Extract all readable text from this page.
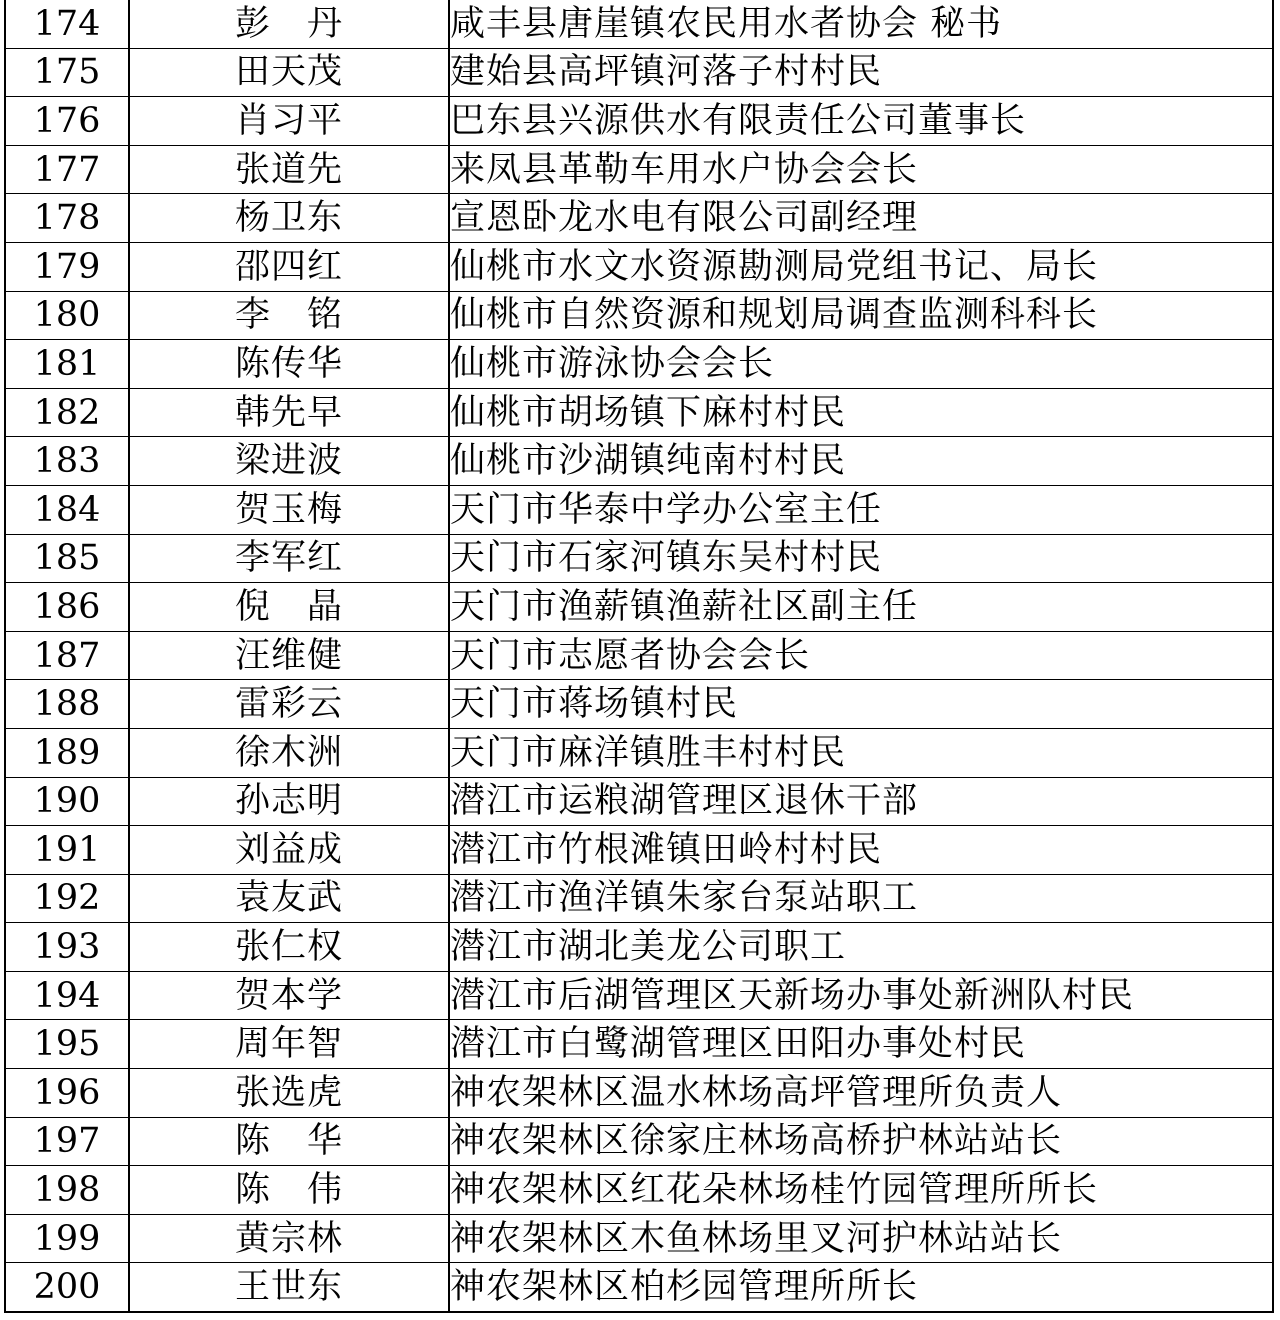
174	彭　丹	咸丰县唐崖镇农民用水者协会 秘书
175	田天茂	建始县高坪镇河落子村村民
176	肖习平	巴东县兴源供水有限责任公司董事长
177	张道先	来凤县革勒车用水户协会会长
178	杨卫东	宣恩卧龙水电有限公司副经理
179	邵四红	仙桃市水文水资源勘测局党组书记、局长
180	李　铭	仙桃市自然资源和规划局调查监测科科长
181	陈传华	仙桃市游泳协会会长
182	韩先早	仙桃市胡场镇下麻村村民
183	梁进波	仙桃市沙湖镇纯南村村民
184	贺玉梅	天门市华泰中学办公室主任
185	李军红	天门市石家河镇东吴村村民
186	倪　晶	天门市渔薪镇渔薪社区副主任
187	汪维健	天门市志愿者协会会长
188	雷彩云	天门市蒋场镇村民
189	徐木洲	天门市麻洋镇胜丰村村民
190	孙志明	潜江市运粮湖管理区退休干部
191	刘益成	潜江市竹根滩镇田岭村村民
192	袁友武	潜江市渔洋镇朱家台泵站职工
193	张仁权	潜江市湖北美龙公司职工
194	贺本学	潜江市后湖管理区天新场办事处新洲队村民
195	周年智	潜江市白鹭湖管理区田阳办事处村民
196	张选虎	神农架林区温水林场高坪管理所负责人
197	陈　华	神农架林区徐家庄林场高桥护林站站长
198	陈　伟	神农架林区红花朵林场桂竹园管理所所长
199	黄宗林	神农架林区木鱼林场里叉河护林站站长
200	王世东	神农架林区柏杉园管理所所长
